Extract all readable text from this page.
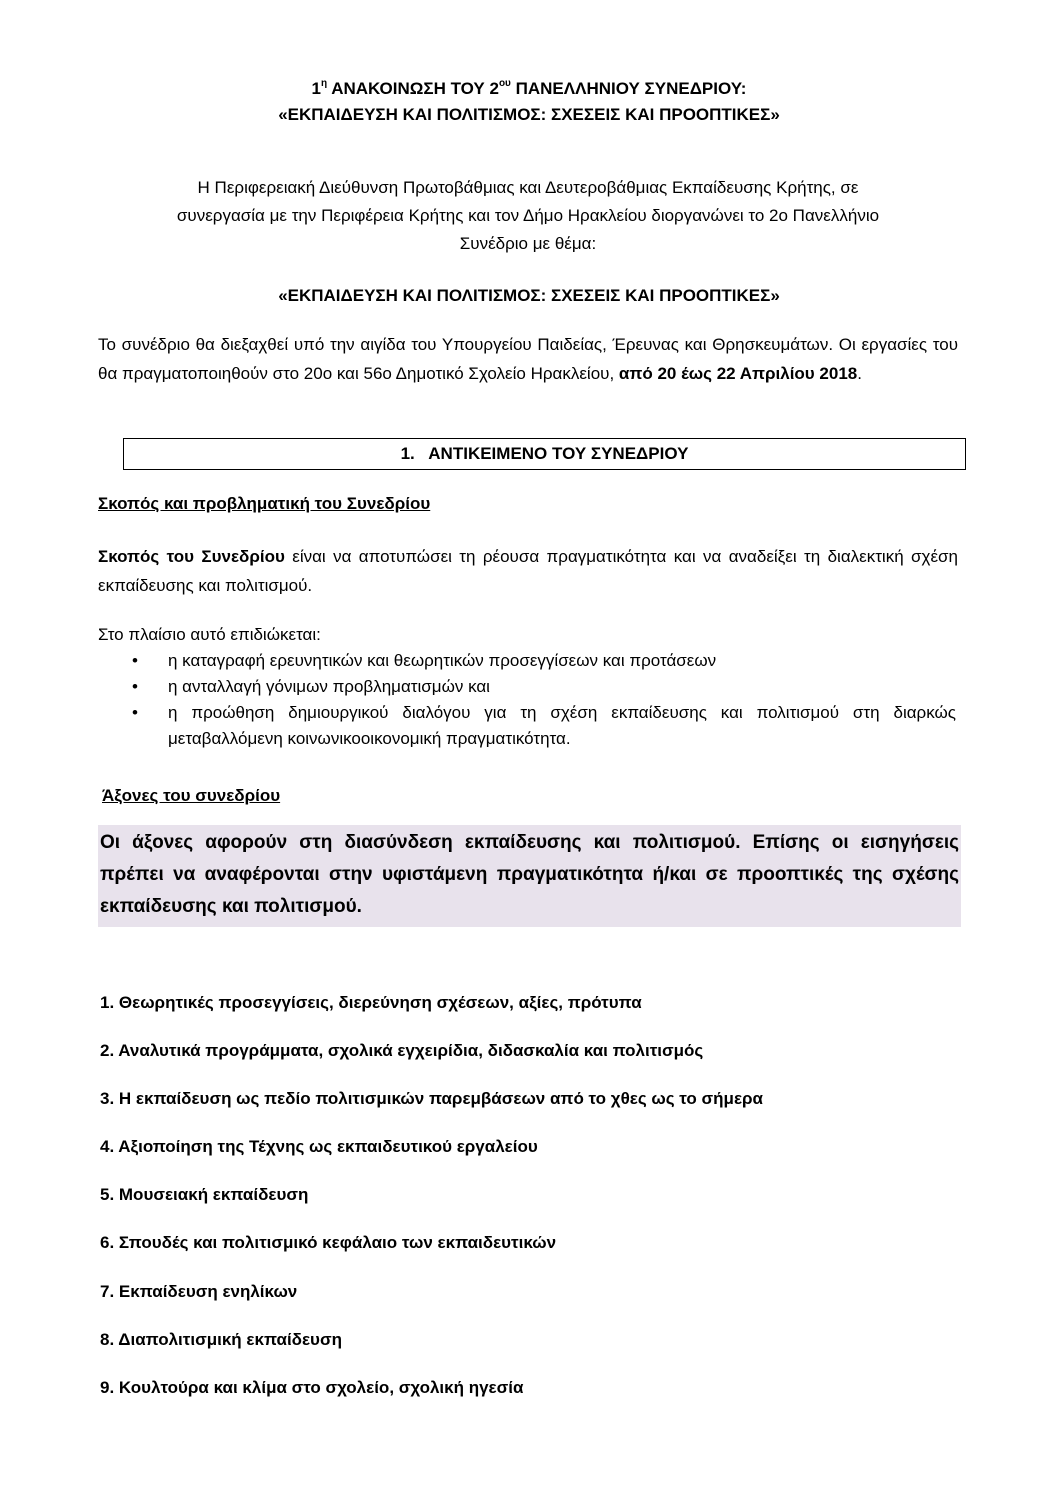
$1^\eta$ ΑΝΑΚΟΙΝΩΣΗ ΤΟΥ $2^{o\upsilon}$ ΠΑΝΕΛΛΗΝΙΟΥ ΣΥΝΕΔΡΙΟΥ:
«ΕΚΠΑΙΔΕΥΣΗ ΚΑΙ ΠΟΛΙΤΙΣΜΟΣ: ΣΧΕΣΕΙΣ ΚΑΙ ΠΡΟΟΠΤΙΚΕΣ»
Η Περιφερειακή Διεύθυνση Πρωτοβάθμιας και Δευτεροβάθμιας Εκπαίδευσης Κρήτης, σε
συνεργασία με την Περιφέρεια Κρήτης και τον Δήμο Ηρακλείου διοργανώνει το 2ο Πανελλήνιο
Συνέδριο με θέμα:
«ΕΚΠΑΙΔΕΥΣΗ ΚΑΙ ΠΟΛΙΤΙΣΜΟΣ: ΣΧΕΣΕΙΣ ΚΑΙ ΠΡΟΟΠΤΙΚΕΣ»
Το συνέδριο θα διεξαχθεί υπό την αιγίδα του Υπουργείου Παιδείας, Έρευνας και Θρησκευμάτων. Οι εργασίες του θα πραγματοποιηθούν στο 20ο και 56ο Δημοτικό Σχολείο Ηρακλείου, από 20 έως 22 Απριλίου 2018.
1.   ΑΝΤΙΚΕΙΜΕΝΟ ΤΟΥ ΣΥΝΕΔΡΙΟΥ
Σκοπός και προβληματική του Συνεδρίου
Σκοπός του Συνεδρίου είναι να αποτυπώσει τη ρέουσα πραγματικότητα και να αναδείξει τη διαλεκτική σχέση εκπαίδευσης και πολιτισμού.
Στο πλαίσιο αυτό επιδιώκεται:
• η καταγραφή ερευνητικών και θεωρητικών προσεγγίσεων και προτάσεων
• η ανταλλαγή γόνιμων προβληματισμών και
• η προώθηση δημιουργικού διαλόγου για τη σχέση εκπαίδευσης και πολιτισμού στη διαρκώς μεταβαλλόμενη κοινωνικοοικονομική πραγματικότητα.
Άξονες του συνεδρίου
Οι άξονες αφορούν στη διασύνδεση εκπαίδευσης και πολιτισμού. Επίσης οι εισηγήσεις πρέπει να αναφέρονται στην υφιστάμενη πραγματικότητα ή/και σε προοπτικές της σχέσης εκπαίδευσης και πολιτισμού.
1. Θεωρητικές προσεγγίσεις, διερεύνηση σχέσεων, αξίες, πρότυπα
2. Αναλυτικά προγράμματα, σχολικά εγχειρίδια, διδασκαλία και πολιτισμός
3. Η εκπαίδευση ως πεδίο πολιτισμικών παρεμβάσεων από το χθες ως το σήμερα
4. Αξιοποίηση της Τέχνης ως εκπαιδευτικού εργαλείου
5. Μουσειακή εκπαίδευση
6. Σπουδές και πολιτισμικό κεφάλαιο των εκπαιδευτικών
7. Εκπαίδευση ενηλίκων
8. Διαπολιτισμική εκπαίδευση
9. Κουλτούρα και κλίμα στο σχολείο, σχολική ηγεσία
